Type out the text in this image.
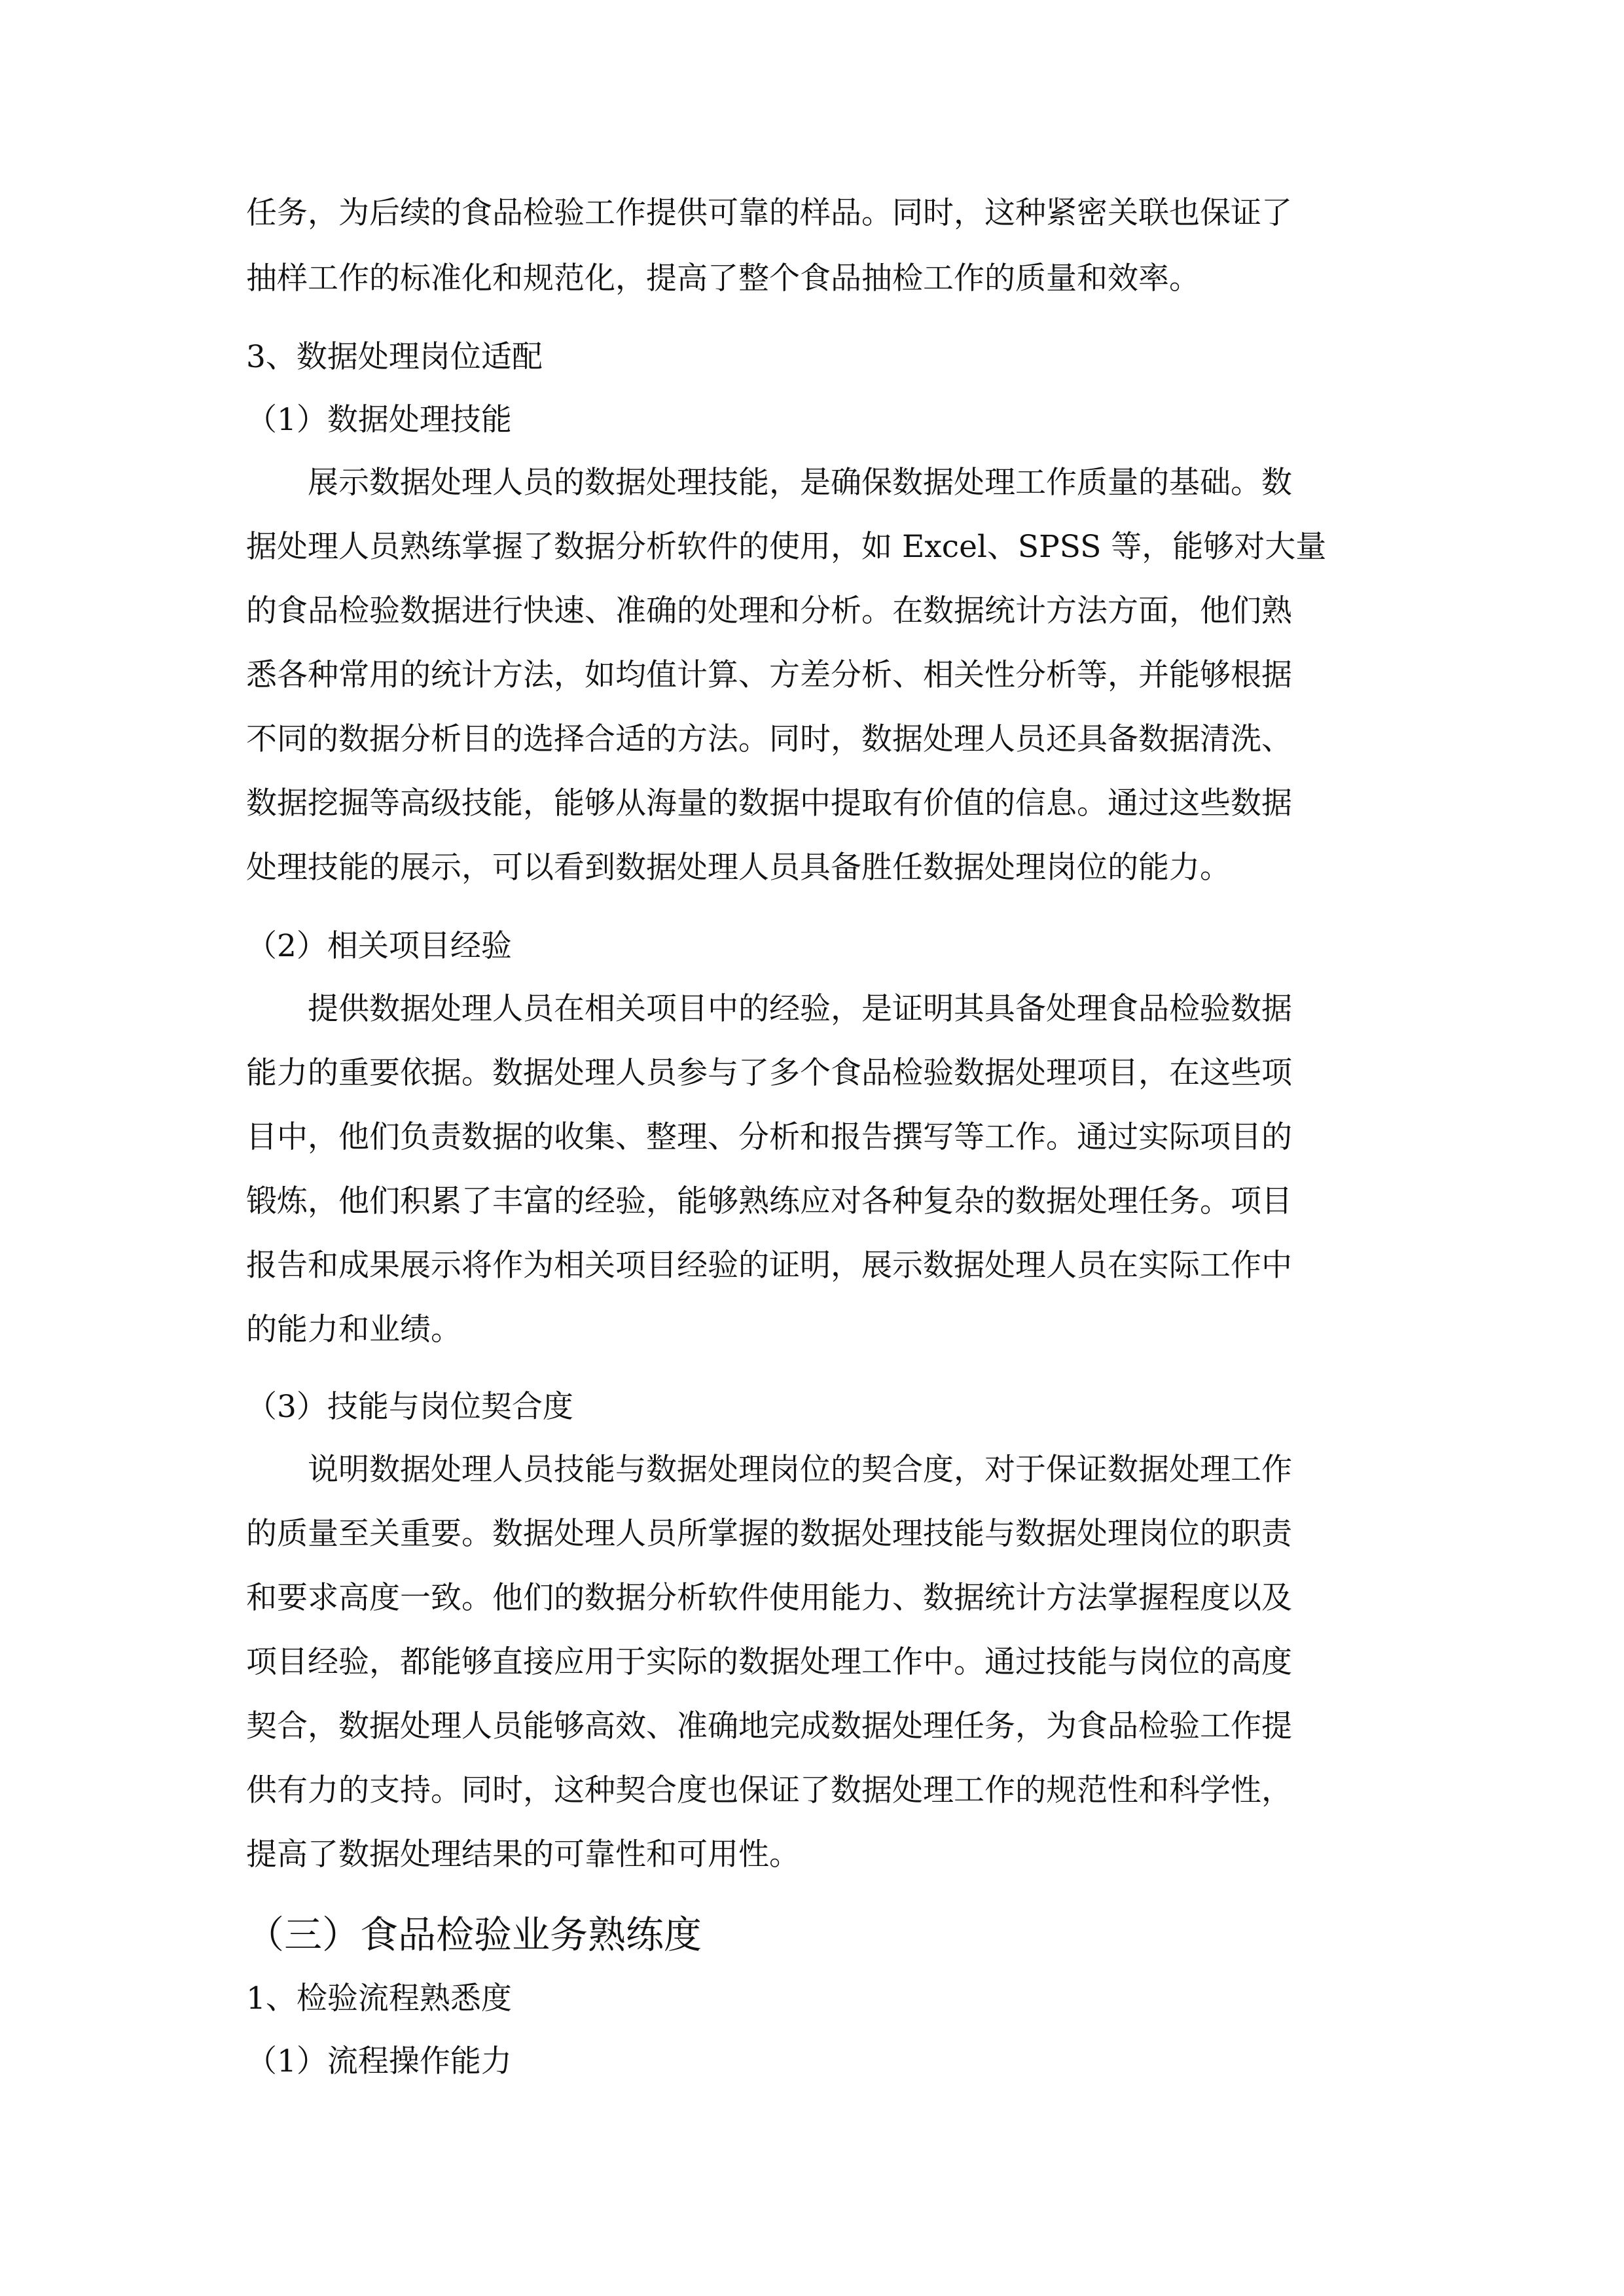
任务，为后续的食品检验工作提供可靠的样品。同时，这种紧密关联也保证了

抽样工作的标准化和规范化，提高了整个食品抽检工作的质量和效率。

3、数据处理岗位适配

（1）数据处理技能

展示数据处理人员的数据处理技能，是确保数据处理工作质量的基础。数

据处理人员熟练掌握了数据分析软件的使用，如 Excel、SPSS 等，能够对大量

的食品检验数据进行快速、准确的处理和分析。在数据统计方法方面，他们熟

悉各种常用的统计方法，如均值计算、方差分析、相关性分析等，并能够根据

不同的数据分析目的选择合适的方法。同时，数据处理人员还具备数据清洗、

数据挖掘等高级技能，能够从海量的数据中提取有价值的信息。通过这些数据

处理技能的展示，可以看到数据处理人员具备胜任数据处理岗位的能力。

（2）相关项目经验

提供数据处理人员在相关项目中的经验，是证明其具备处理食品检验数据

能力的重要依据。数据处理人员参与了多个食品检验数据处理项目，在这些项

目中，他们负责数据的收集、整理、分析和报告撰写等工作。通过实际项目的

锻炼，他们积累了丰富的经验，能够熟练应对各种复杂的数据处理任务。项目

报告和成果展示将作为相关项目经验的证明，展示数据处理人员在实际工作中

的能力和业绩。

（3）技能与岗位契合度

说明数据处理人员技能与数据处理岗位的契合度，对于保证数据处理工作

的质量至关重要。数据处理人员所掌握的数据处理技能与数据处理岗位的职责

和要求高度一致。他们的数据分析软件使用能力、数据统计方法掌握程度以及

项目经验，都能够直接应用于实际的数据处理工作中。通过技能与岗位的高度

契合，数据处理人员能够高效、准确地完成数据处理任务，为食品检验工作提

供有力的支持。同时，这种契合度也保证了数据处理工作的规范性和科学性，

提高了数据处理结果的可靠性和可用性。

（三）食品检验业务熟练度

1、检验流程熟悉度

（1）流程操作能力
